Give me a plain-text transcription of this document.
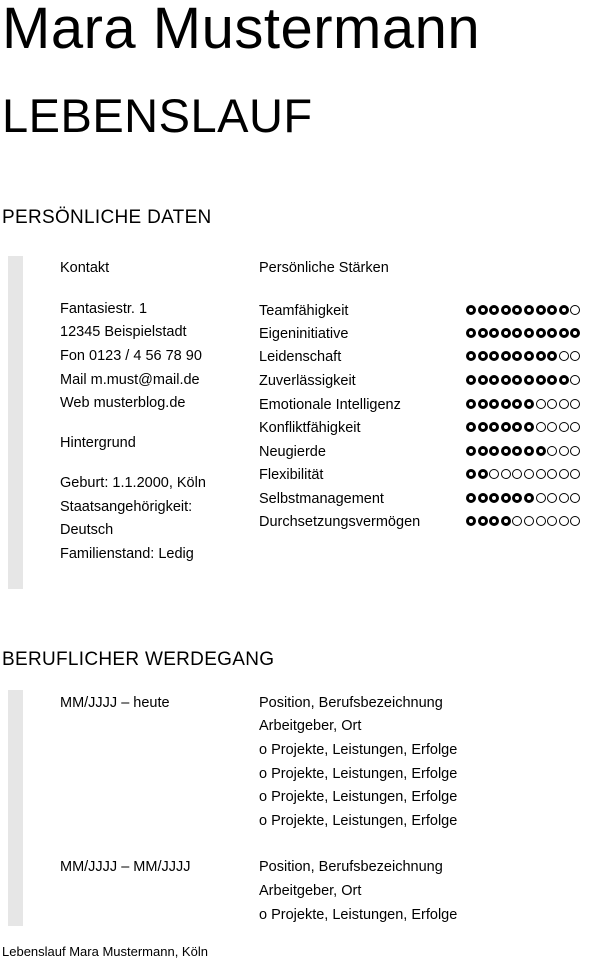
Mara Mustermann
LEBENSLAUF
PERSÖNLICHE DATEN
Kontakt
Fantasiestr. 1
12345 Beispielstadt
Fon 0123 / 4 56 78 90
Mail m.must@mail.de
Web musterblog.de
Hintergrund
Geburt: 1.1.2000, Köln
Staatsangehörigkeit:
Deutsch
Familienstand: Ledig
Persönliche Stärken
Teamfähigkeit
Eigeninitiative
Leidenschaft
Zuverlässigkeit
Emotionale Intelligenz
Konfliktfähigkeit
Neugierde
Flexibilität
Selbstmanagement
Durchsetzungsvermögen
BERUFLICHER WERDEGANG
MM/JJJJ – heute	Position, Berufsbezeichnung
Arbeitgeber, Ort
o Projekte, Leistungen, Erfolge
o Projekte, Leistungen, Erfolge
o Projekte, Leistungen, Erfolge
o Projekte, Leistungen, Erfolge
MM/JJJJ – MM/JJJJ	Position, Berufsbezeichnung
Arbeitgeber, Ort
o Projekte, Leistungen, Erfolge
Lebenslauf Mara Mustermann, Köln
